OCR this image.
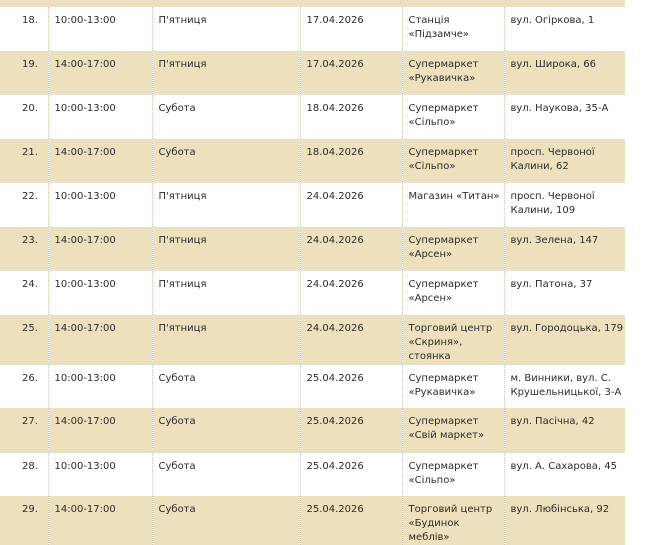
18.	10:00-13:00	П'ятниця	17.04.2026	Станція «Підзамче»	вул. Огіркова, 1
19.	14:00-17:00	П'ятниця	17.04.2026	Супермаркет «Рукавичка»	вул. Широка, 66
20.	10:00-13:00	Субота	18.04.2026	Супермаркет «Сільпо»	вул. Наукова, 35-А
21.	14:00-17:00	Субота	18.04.2026	Супермаркет «Сільпо»	просп. Червоної Калини, 62
22.	10:00-13:00	П'ятниця	24.04.2026	Магазин «Титан»	просп. Червоної Калини, 109
23.	14:00-17:00	П'ятниця	24.04.2026	Супермаркет «Арсен»	вул. Зелена, 147
24.	10:00-13:00	П'ятниця	24.04.2026	Супермаркет «Арсен»	вул. Патона, 37
25.	14:00-17:00	П'ятниця	24.04.2026	Торговий центр «Скриня», стоянка	вул. Городоцька, 179
26.	10:00-13:00	Субота	25.04.2026	Супермаркет «Рукавичка»	м. Винники, вул. С. Крушельницької, 3-А
27.	14:00-17:00	Субота	25.04.2026	Супермаркет «Свій маркет»	вул. Пасічна, 42
28.	10:00-13:00	Субота	25.04.2026	Супермаркет «Сільпо»	вул. А. Сахарова, 45
29.	14:00-17:00	Субота	25.04.2026	Торговий центр «Будинок меблів»	вул. Любінська, 92
